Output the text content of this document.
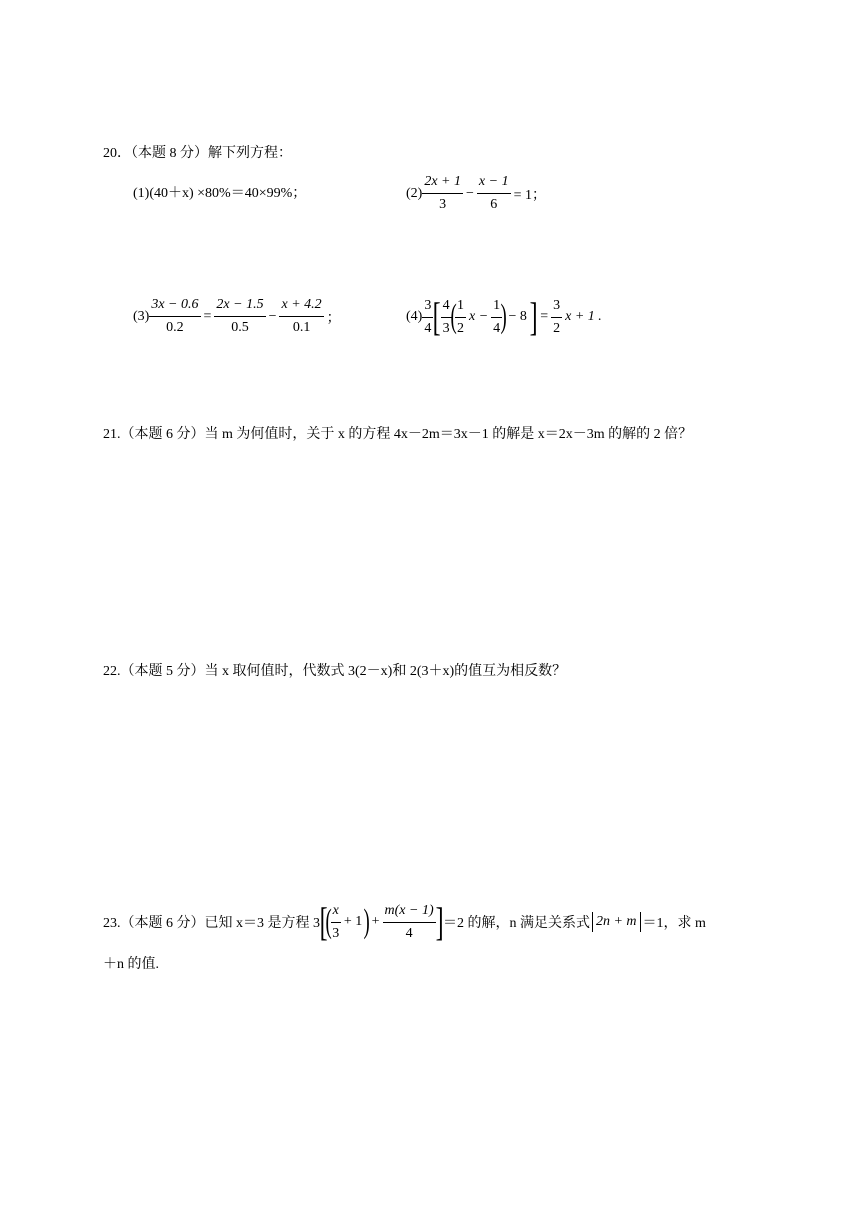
20．（本题 8 分）解下列方程：
(1)(40＋x) ×80%＝40×99%；	$(2) \frac{2x + 1}{3} - \frac{x - 1}{6} = 1$；
$(3) \frac{3x - 0.6}{0.2} = \frac{2x - 1.5}{0.5} - \frac{x + 4.2}{0.1}$ ；	$(4) \frac{3}{4}$ [ $\frac{4}{3}$
(
$\frac{1}{2}$ $x - \frac{1}{4}$
) − 8 ] = $\frac{3}{2}$ x + 1 .
21.（本题 6 分）当 m 为何值时，关于 x 的方程 4x－2m＝3x－1 的解是 x＝2x－3m 的解的 2 倍？
22.（本题 5 分）当 x 取何值时，代数式 3(2－x)和 2(3＋x)的值互为相反数？
23.（本题 6 分）已知 x＝3 是方程 3 [
(
$\frac{x}{3} + 1$ ) + $\frac{m(x - 1)}{4}$ ] ＝2 的解，n 满足关系式 2n + m ＝1，求 m
＋n 的值.
